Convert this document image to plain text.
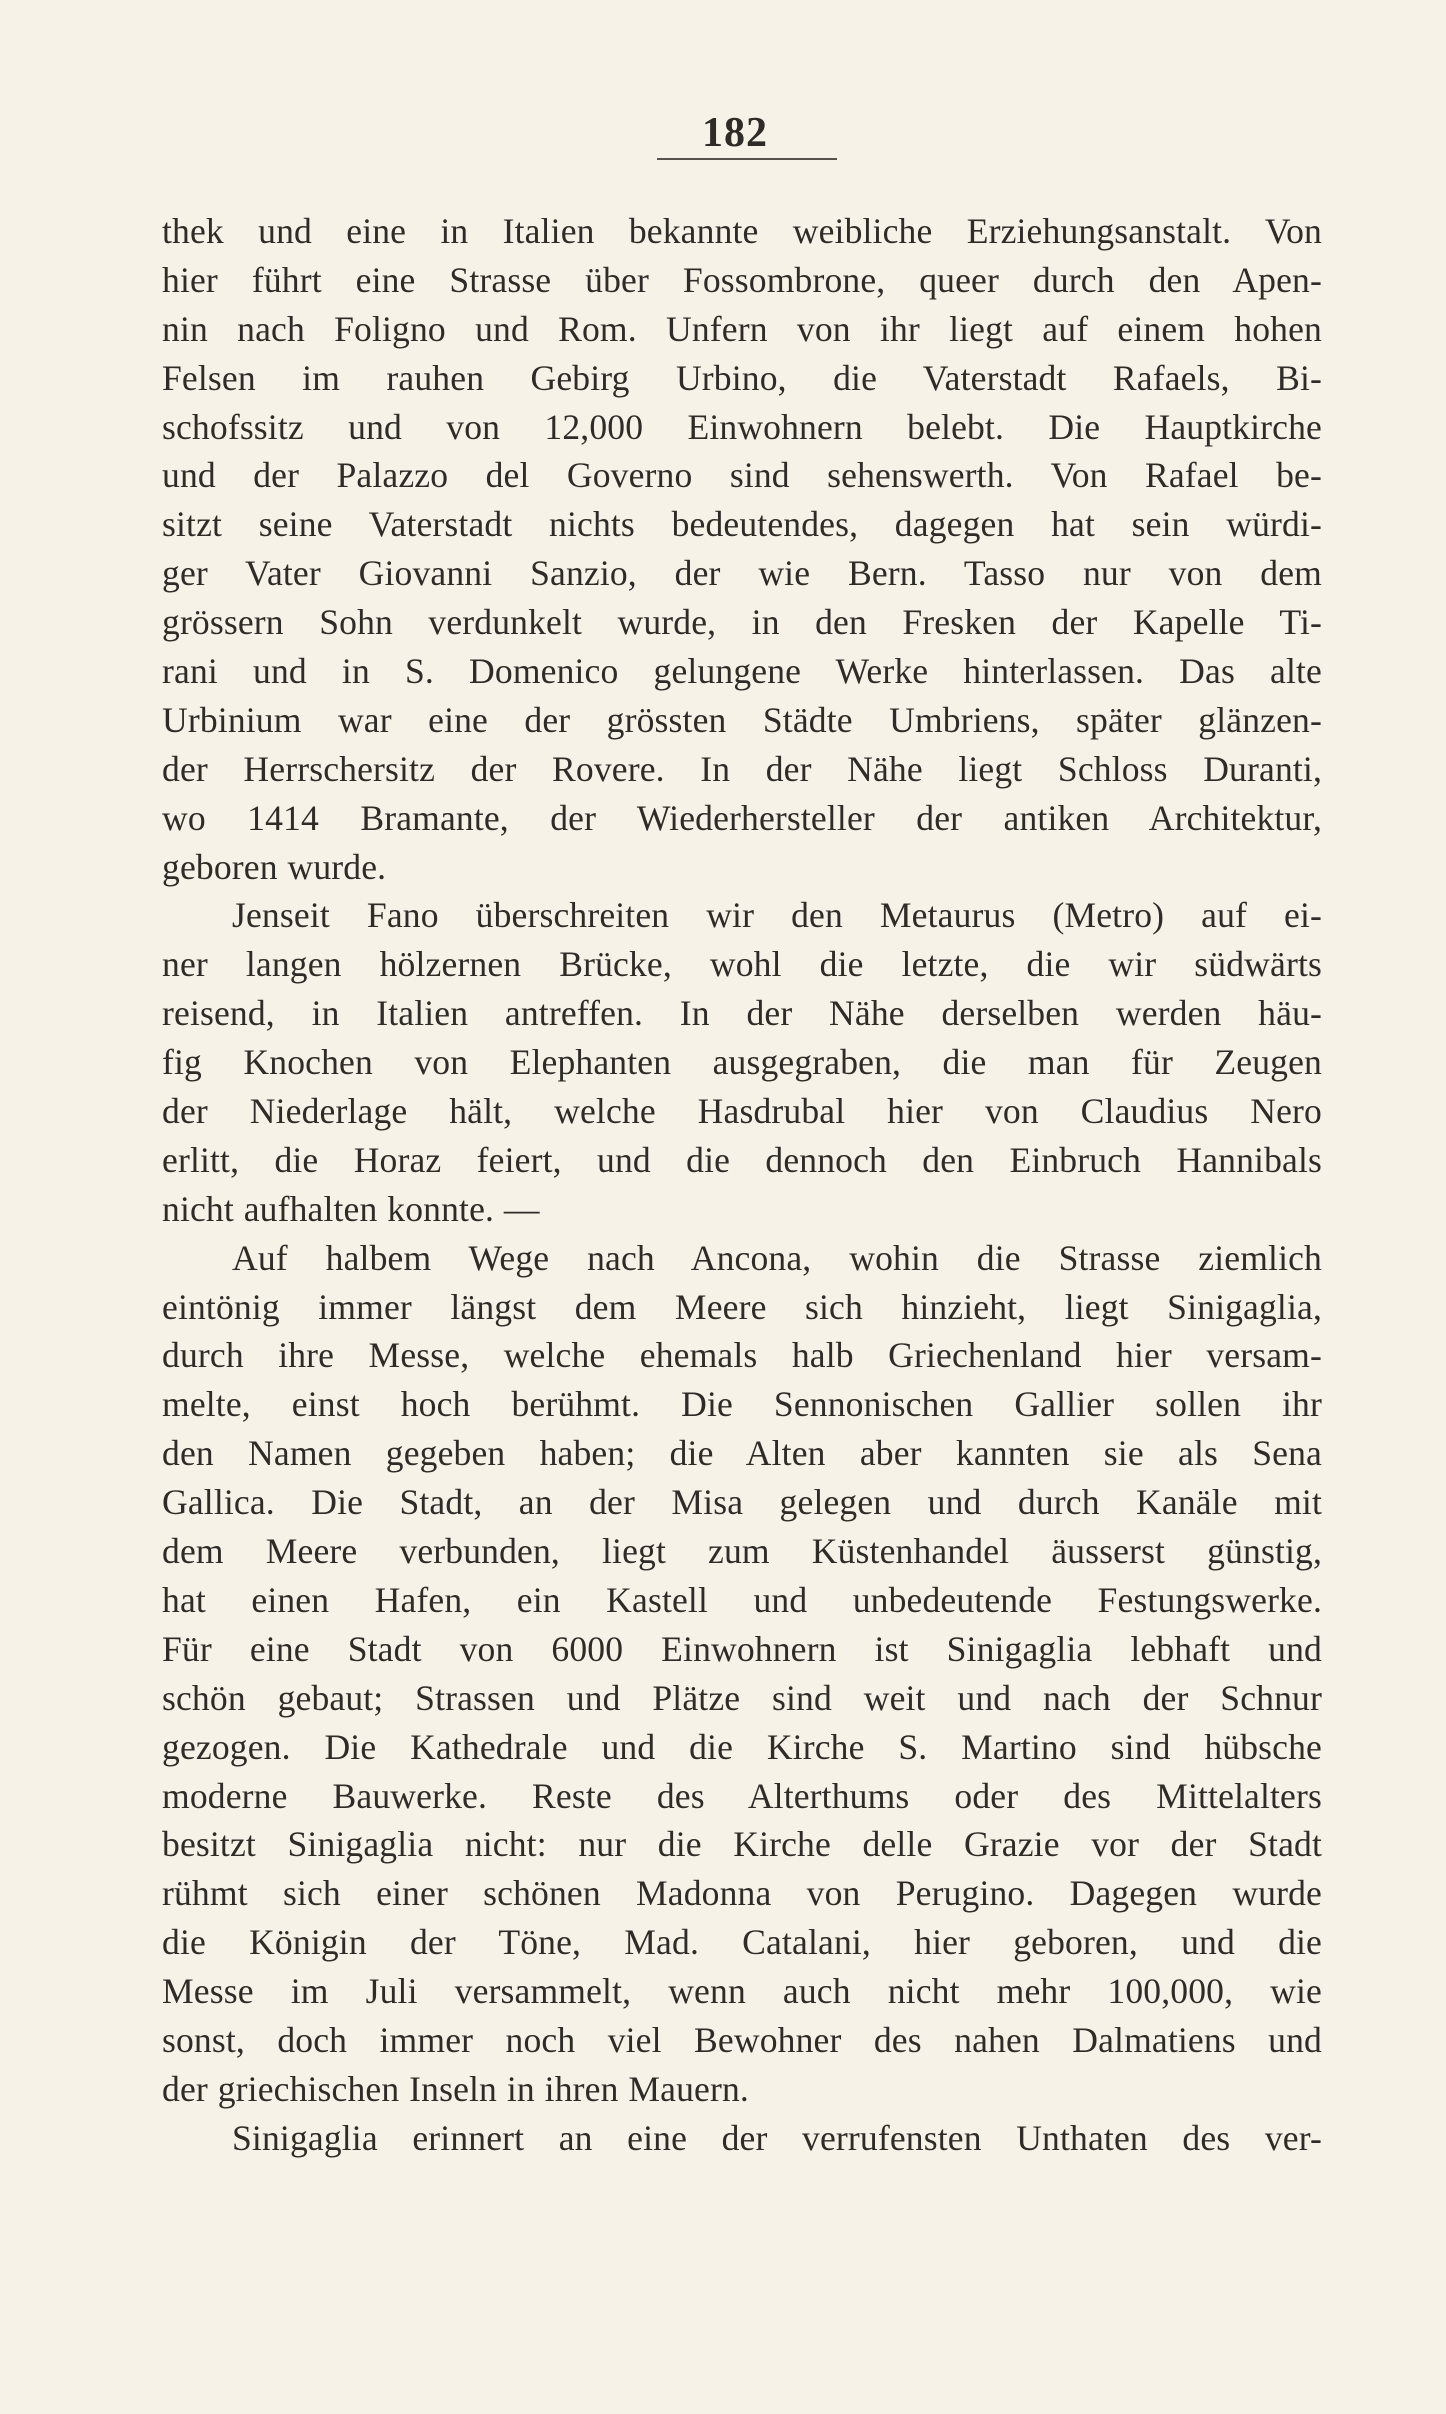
182
thek und eine in Italien bekannte weibliche Erziehungsanstalt. Von
hier führt eine Strasse über Fossombrone, queer durch den Apen-
nin nach Foligno und Rom. Unfern von ihr liegt auf einem hohen
Felsen im rauhen Gebirg Urbino, die Vaterstadt Rafaels, Bi-
schofssitz und von 12,000 Einwohnern belebt. Die Hauptkirche
und der Palazzo del Governo sind sehenswerth. Von Rafael be-
sitzt seine Vaterstadt nichts bedeutendes, dagegen hat sein würdi-
ger Vater Giovanni Sanzio, der wie Bern. Tasso nur von dem
grössern Sohn verdunkelt wurde, in den Fresken der Kapelle Ti-
rani und in S. Domenico gelungene Werke hinterlassen. Das alte
Urbinium war eine der grössten Städte Umbriens, später glänzen-
der Herrschersitz der Rovere. In der Nähe liegt Schloss Duranti,
wo 1414 Bramante, der Wiederhersteller der antiken Architektur,
geboren wurde.
Jenseit Fano überschreiten wir den Metaurus (Metro) auf ei-
ner langen hölzernen Brücke, wohl die letzte, die wir südwärts
reisend, in Italien antreffen. In der Nähe derselben werden häu-
fig Knochen von Elephanten ausgegraben, die man für Zeugen
der Niederlage hält, welche Hasdrubal hier von Claudius Nero
erlitt, die Horaz feiert, und die dennoch den Einbruch Hannibals
nicht aufhalten konnte. —
Auf halbem Wege nach Ancona, wohin die Strasse ziemlich
eintönig immer längst dem Meere sich hinzieht, liegt Sinigaglia,
durch ihre Messe, welche ehemals halb Griechenland hier versam-
melte, einst hoch berühmt. Die Sennonischen Gallier sollen ihr
den Namen gegeben haben; die Alten aber kannten sie als Sena
Gallica. Die Stadt, an der Misa gelegen und durch Kanäle mit
dem Meere verbunden, liegt zum Küstenhandel äusserst günstig,
hat einen Hafen, ein Kastell und unbedeutende Festungswerke.
Für eine Stadt von 6000 Einwohnern ist Sinigaglia lebhaft und
schön gebaut; Strassen und Plätze sind weit und nach der Schnur
gezogen. Die Kathedrale und die Kirche S. Martino sind hübsche
moderne Bauwerke. Reste des Alterthums oder des Mittelalters
besitzt Sinigaglia nicht: nur die Kirche delle Grazie vor der Stadt
rühmt sich einer schönen Madonna von Perugino. Dagegen wurde
die Königin der Töne, Mad. Catalani, hier geboren, und die
Messe im Juli versammelt, wenn auch nicht mehr 100,000, wie
sonst, doch immer noch viel Bewohner des nahen Dalmatiens und
der griechischen Inseln in ihren Mauern.
Sinigaglia erinnert an eine der verrufensten Unthaten des ver-
